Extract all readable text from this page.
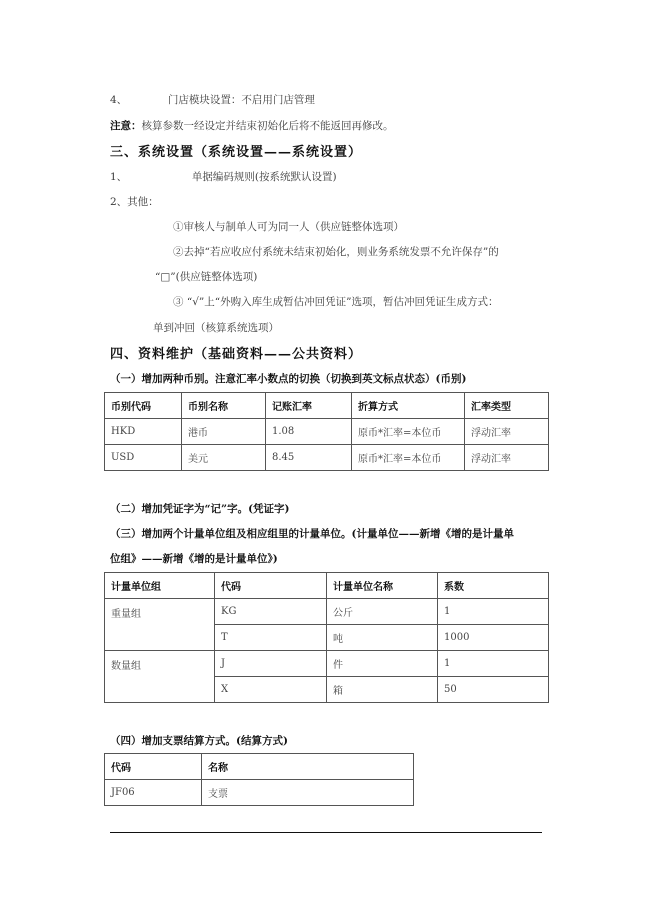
4、	门店模块设置：不启用门店管理
注意：核算参数一经设定并结束初始化后将不能返回再修改。
三、系统设置（系统设置——系统设置）
1、	单据编码规则(按系统默认设置)
2、其他：
①审核人与制单人可为同一人（供应链整体选项）
②去掉“若应收应付系统未结束初始化，则业务系统发票不允许保存”的
“□”(供应链整体选项)
③ “√”上“外购入库生成暂估冲回凭证”选项，暂估冲回凭证生成方式：
单到冲回（核算系统选项）
四、资料维护（基础资料——公共资料）
（一）增加两种币别。注意汇率小数点的切换（切换到英文标点状态）(币别)
币别代码	币别名称	记账汇率	折算方式	汇率类型
HKD	港币	1.08	原币*汇率=本位币	浮动汇率
USD	美元	8.45	原币*汇率=本位币	浮动汇率
（二）增加凭证字为“记”字。(凭证字)
（三）增加两个计量单位组及相应组里的计量单位。(计量单位——新增《增的是计量单
位组》——新增《增的是计量单位》)
计量单位组	代码	计量单位名称	系数
重量组	KG	公斤	1
	T	吨	1000
数量组	J	件	1
	X	箱	50
（四）增加支票结算方式。(结算方式)
代码	名称
JF06	支票
